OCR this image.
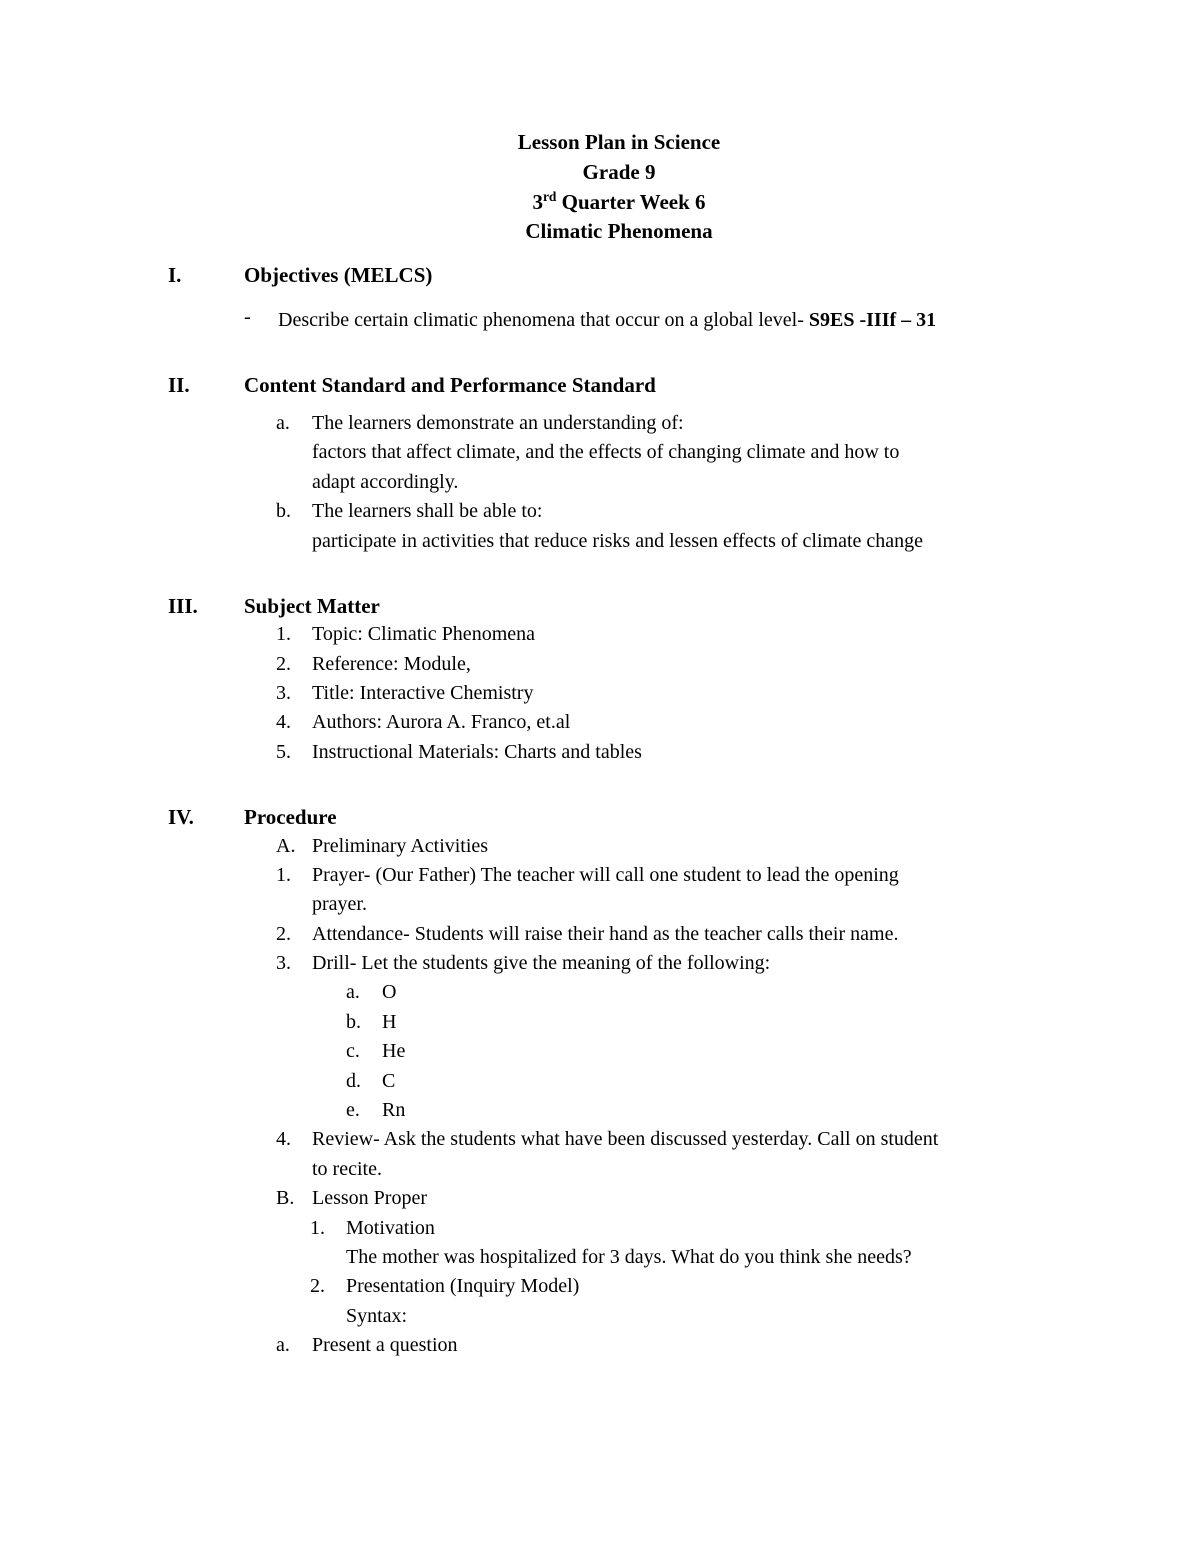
Lesson Plan in Science
Grade 9
3rd Quarter Week 6
Climatic Phenomena
I.	Objectives (MELCS)
-	Describe certain climatic phenomena that occur on a global level- S9ES -IIIf – 31
II.	Content Standard and Performance Standard
a.	The learners demonstrate an understanding of:
factors that affect climate, and the effects of changing climate and how to
adapt accordingly.
b.	The learners shall be able to:
participate in activities that reduce risks and lessen effects of climate change
III.	Subject Matter
1.	Topic: Climatic Phenomena
2.	Reference: Module,
3.	Title: Interactive Chemistry
4.	Authors: Aurora A. Franco, et.al
5.	Instructional Materials: Charts and tables
IV.	Procedure
A. Preliminary Activities
1.	Prayer- (Our Father) The teacher will call one student to lead the opening
prayer.
2.	Attendance- Students will raise their hand as the teacher calls their name.
3.	Drill- Let the students give the meaning of the following:
a.	O
b.	H
c.	He
d.	C
e.	Rn
4.	Review- Ask the students what have been discussed yesterday. Call on student
to recite.
B. Lesson Proper
1.	Motivation
The mother was hospitalized for 3 days. What do you think she needs?
2.	Presentation (Inquiry Model)
Syntax:
a.	Present a question
